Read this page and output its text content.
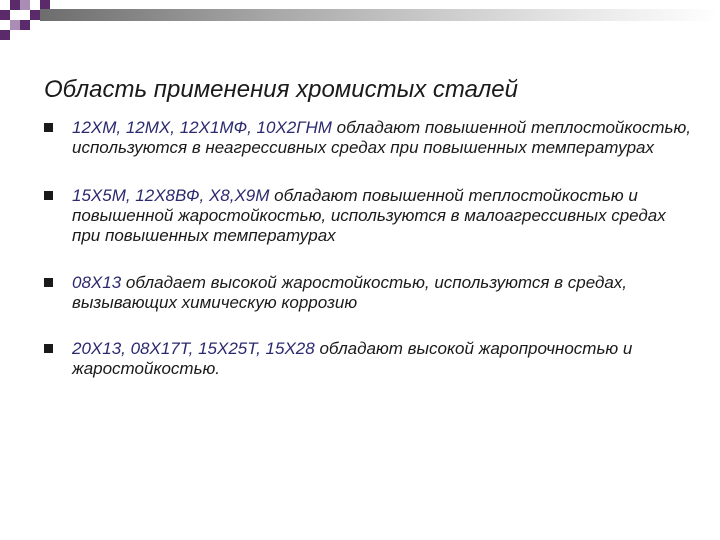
Область применения хромистых сталей
12ХМ, 12МХ, 12Х1МФ, 10Х2ГНМ обладают повышенной теплостойкостью, используются в неагрессивных средах при повышенных температурах
15Х5М, 12Х8ВФ, Х8,Х9М обладают повышенной теплостойкостью и повышенной жаростойкостью, используются в малоагрессивных средах при повышенных температурах
08Х13 обладает высокой жаростойкостью, используются в средах, вызывающих химическую коррозию
20Х13, 08Х17Т, 15Х25Т, 15Х28 обладают высокой жаропрочностью и жаростойкостью.
